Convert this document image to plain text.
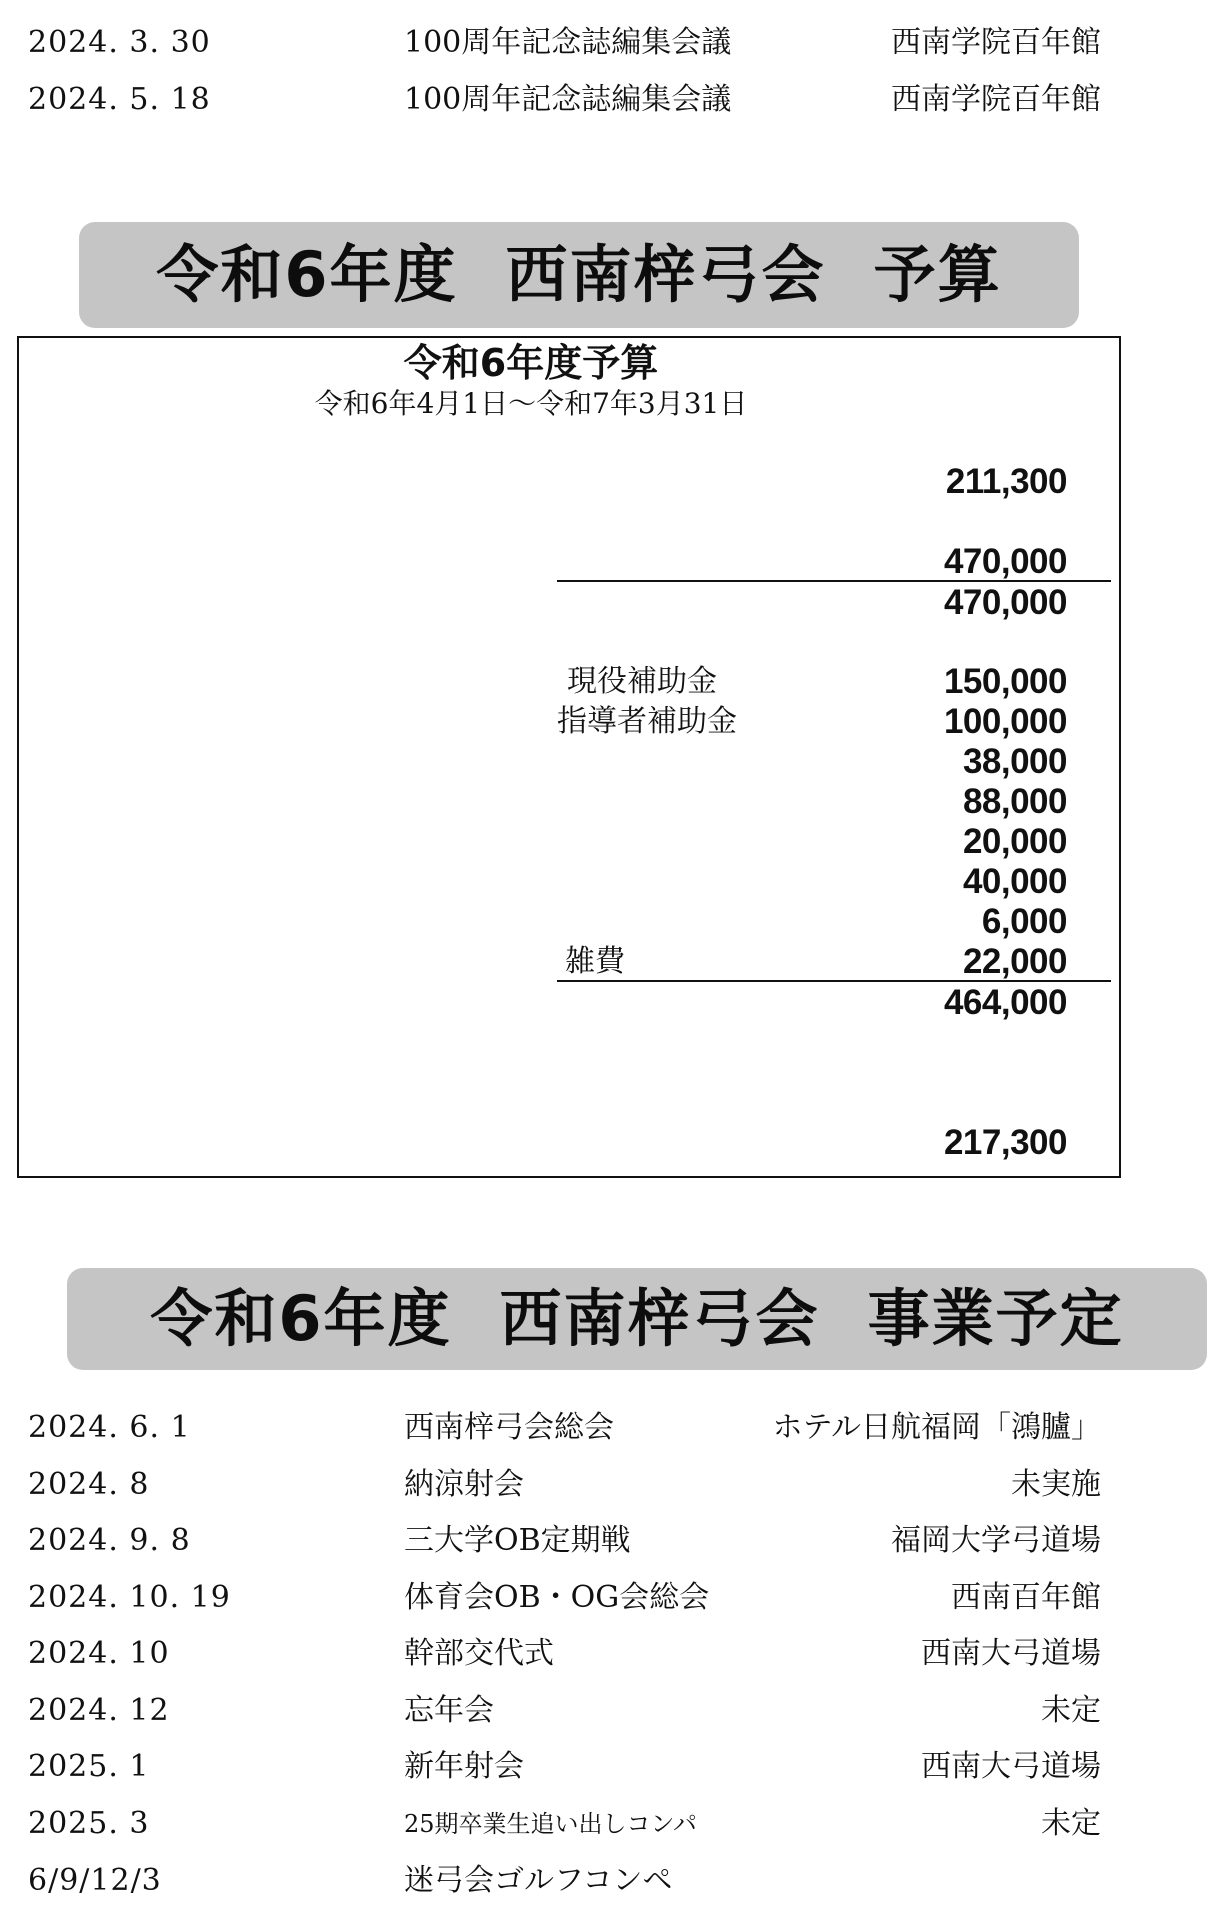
2024. 3. 30	100周年記念誌編集会議	西南学院百年館
2024. 5. 18	100周年記念誌編集会議	西南学院百年館
令和6年度 西南梓弓会 予算
令和6年度予算
令和6年4月1日～令和7年3月31日
211,300
470,000
470,000
現役補助金	150,000
指導者補助金	100,000
38,000
88,000
20,000
40,000
6,000
雑費	22,000
464,000
217,300
令和6年度 西南梓弓会 事業予定
2024. 6. 1	西南梓弓会総会	ホテル日航福岡「鴻臚」
2024. 8	納涼射会	未実施
2024. 9. 8	三大学OB定期戦	福岡大学弓道場
2024. 10. 19	体育会OB・OG会総会	西南百年館
2024. 10	幹部交代式	西南大弓道場
2024. 12	忘年会	未定
2025. 1	新年射会	西南大弓道場
2025. 3	25期卒業生追い出しコンパ	未定
6/9/12/3	迷弓会ゴルフコンペ
